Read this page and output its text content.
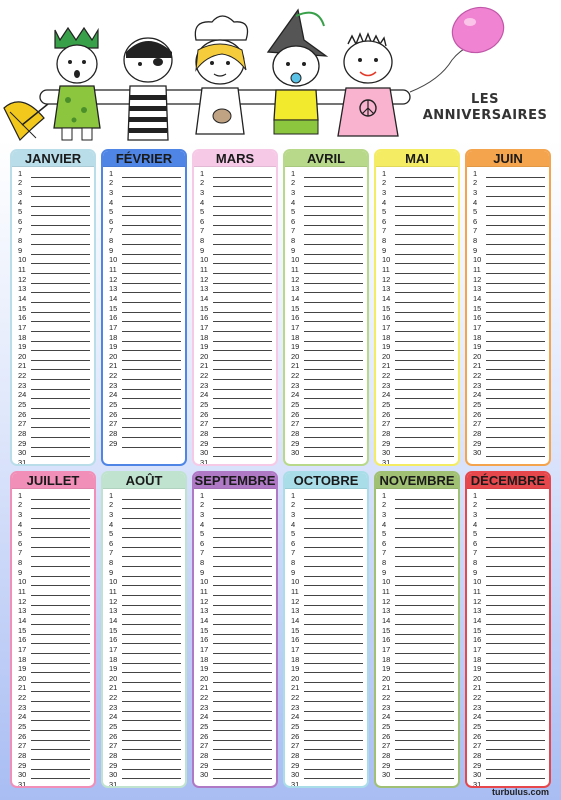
LES
ANNIVERSAIRES
JANVIER
1
2
3
4
5
6
7
8
9
10
11
12
13
14
15
16
17
18
19
20
21
22
23
24
25
26
27
28
29
30
31
FÉVRIER
1
2
3
4
5
6
7
8
9
10
11
12
13
14
15
16
17
18
19
20
21
22
23
24
25
26
27
28
29
MARS
1
2
3
4
5
6
7
8
9
10
11
12
13
14
15
16
17
18
19
20
21
22
23
24
25
26
27
28
29
30
31
AVRIL
1
2
3
4
5
6
7
8
9
10
11
12
13
14
15
16
17
18
19
20
21
22
23
24
25
26
27
28
29
30
MAI
1
2
3
4
5
6
7
8
9
10
11
12
13
14
15
16
17
18
19
20
21
22
23
24
25
26
27
28
29
30
31
JUIN
1
2
3
4
5
6
7
8
9
10
11
12
13
14
15
16
17
18
19
20
21
22
23
24
25
26
27
28
29
30
JUILLET
1
2
3
4
5
6
7
8
9
10
11
12
13
14
15
16
17
18
19
20
21
22
23
24
25
26
27
28
29
30
31
AOÛT
1
2
3
4
5
6
7
8
9
10
11
12
13
14
15
16
17
18
19
20
21
22
23
24
25
26
27
28
29
30
31
SEPTEMBRE
1
2
3
4
5
6
7
8
9
10
11
12
13
14
15
16
17
18
19
20
21
22
23
24
25
26
27
28
29
30
OCTOBRE
1
2
3
4
5
6
7
8
9
10
11
12
13
14
15
16
17
18
19
20
21
22
23
24
25
26
27
28
29
30
31
NOVEMBRE
1
2
3
4
5
6
7
8
9
10
11
12
13
14
15
16
17
18
19
20
21
22
23
24
25
26
27
28
29
30
DÉCEMBRE
1
2
3
4
5
6
7
8
9
10
11
12
13
14
15
16
17
18
19
20
21
22
23
24
25
26
27
28
29
30
31
turbulus.com
